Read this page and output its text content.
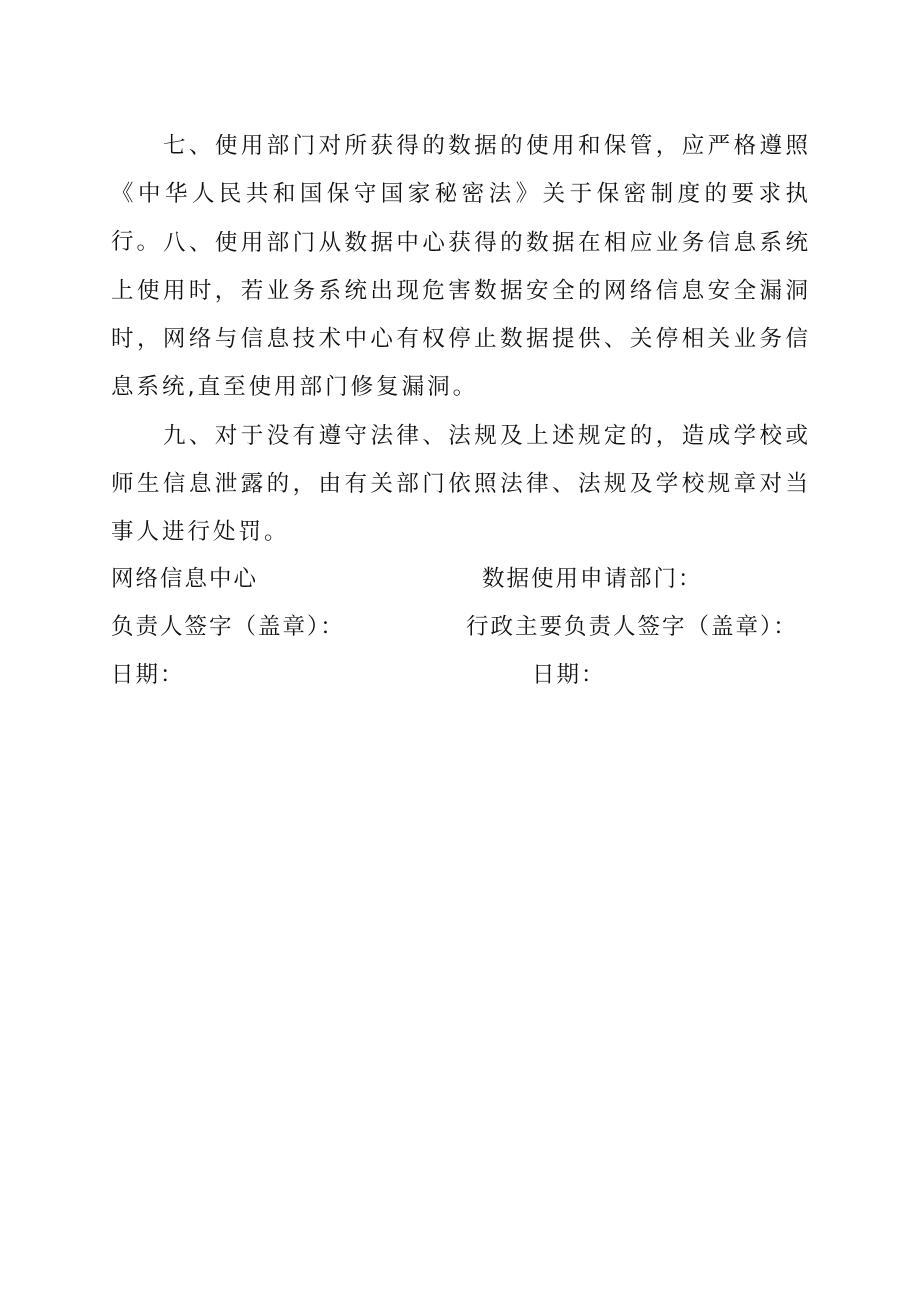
七、使用部门对所获得的数据的使用和保管，应严格遵照《中华人民共和国保守国家秘密法》关于保密制度的要求执行。 八、使用部门从数据中心获得的数据在相应业务信息系统上使用时，若业务系统出现危害数据安全的网络信息安全漏洞时，网络与信息技术中心有权停止数据提供、关停相关业务信息系统,直至使用部门修复漏洞。

九、对于没有遵守法律、法规及上述规定的，造成学校或师生信息泄露的，由有关部门依照法律、法规及学校规章对当事人进行处罚。

网络信息中心

负责人签字（盖章）：

日期：

数据使用申请部门：

行政主要负责人签字（盖章）：

日期：
